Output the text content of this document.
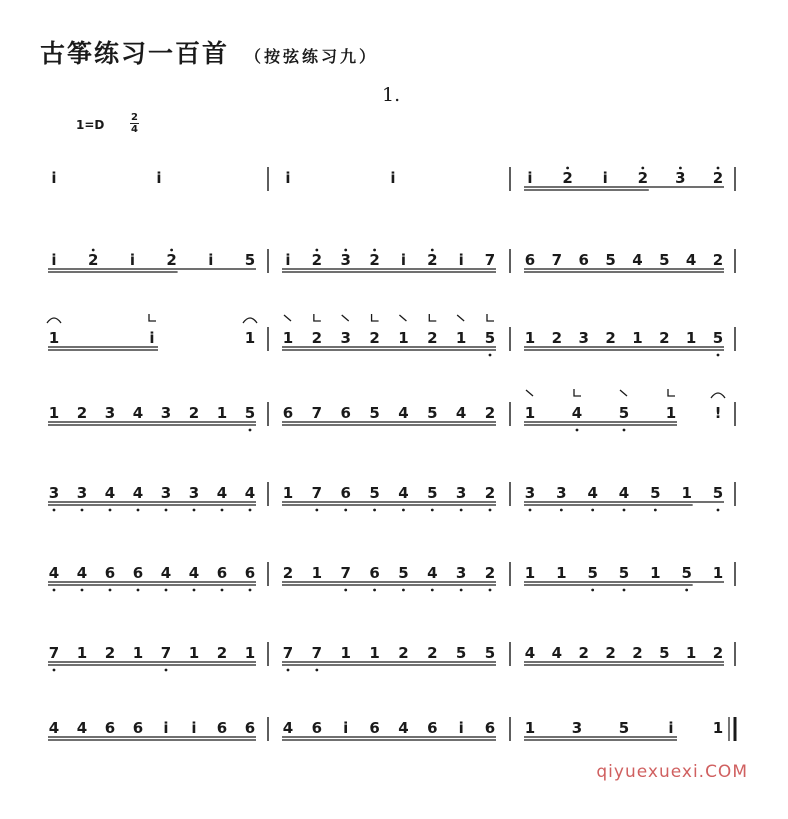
古筝练习一百首 （按弦练习九）
1.
1=D
2
4
i	i	i	i	i 2 i 2 3 2
i 2 i 2 i 5 i 2 3 2 i 2 i 7 6 7 6 5 4 5 4 2
1	i	1 1 2 3 2 1 2 1 5 1 2 3 2 1 2 1 5
1 2 3 4 3 2 1 5 6 7 6 5 4 5 4 2 1 4 5 1	!
3 3 4 4 3 3 4 4 1 7 6 5 4 5 3 2 3 3 4 4 5 1 5
4 4 6 6 4 4 6 6 2 1 7 6 5 4 3 2 1 1 5 5 1 5 1
7 1 2 1 7 1 2 1 7 7 1 1 2 2 5 5 4 4 2 2 2 5 1 2
4 4 6 6 i i 6 6 4 6 i 6 4 6 i 6 1 3 5	i	1
qiyuexuexi.COM
